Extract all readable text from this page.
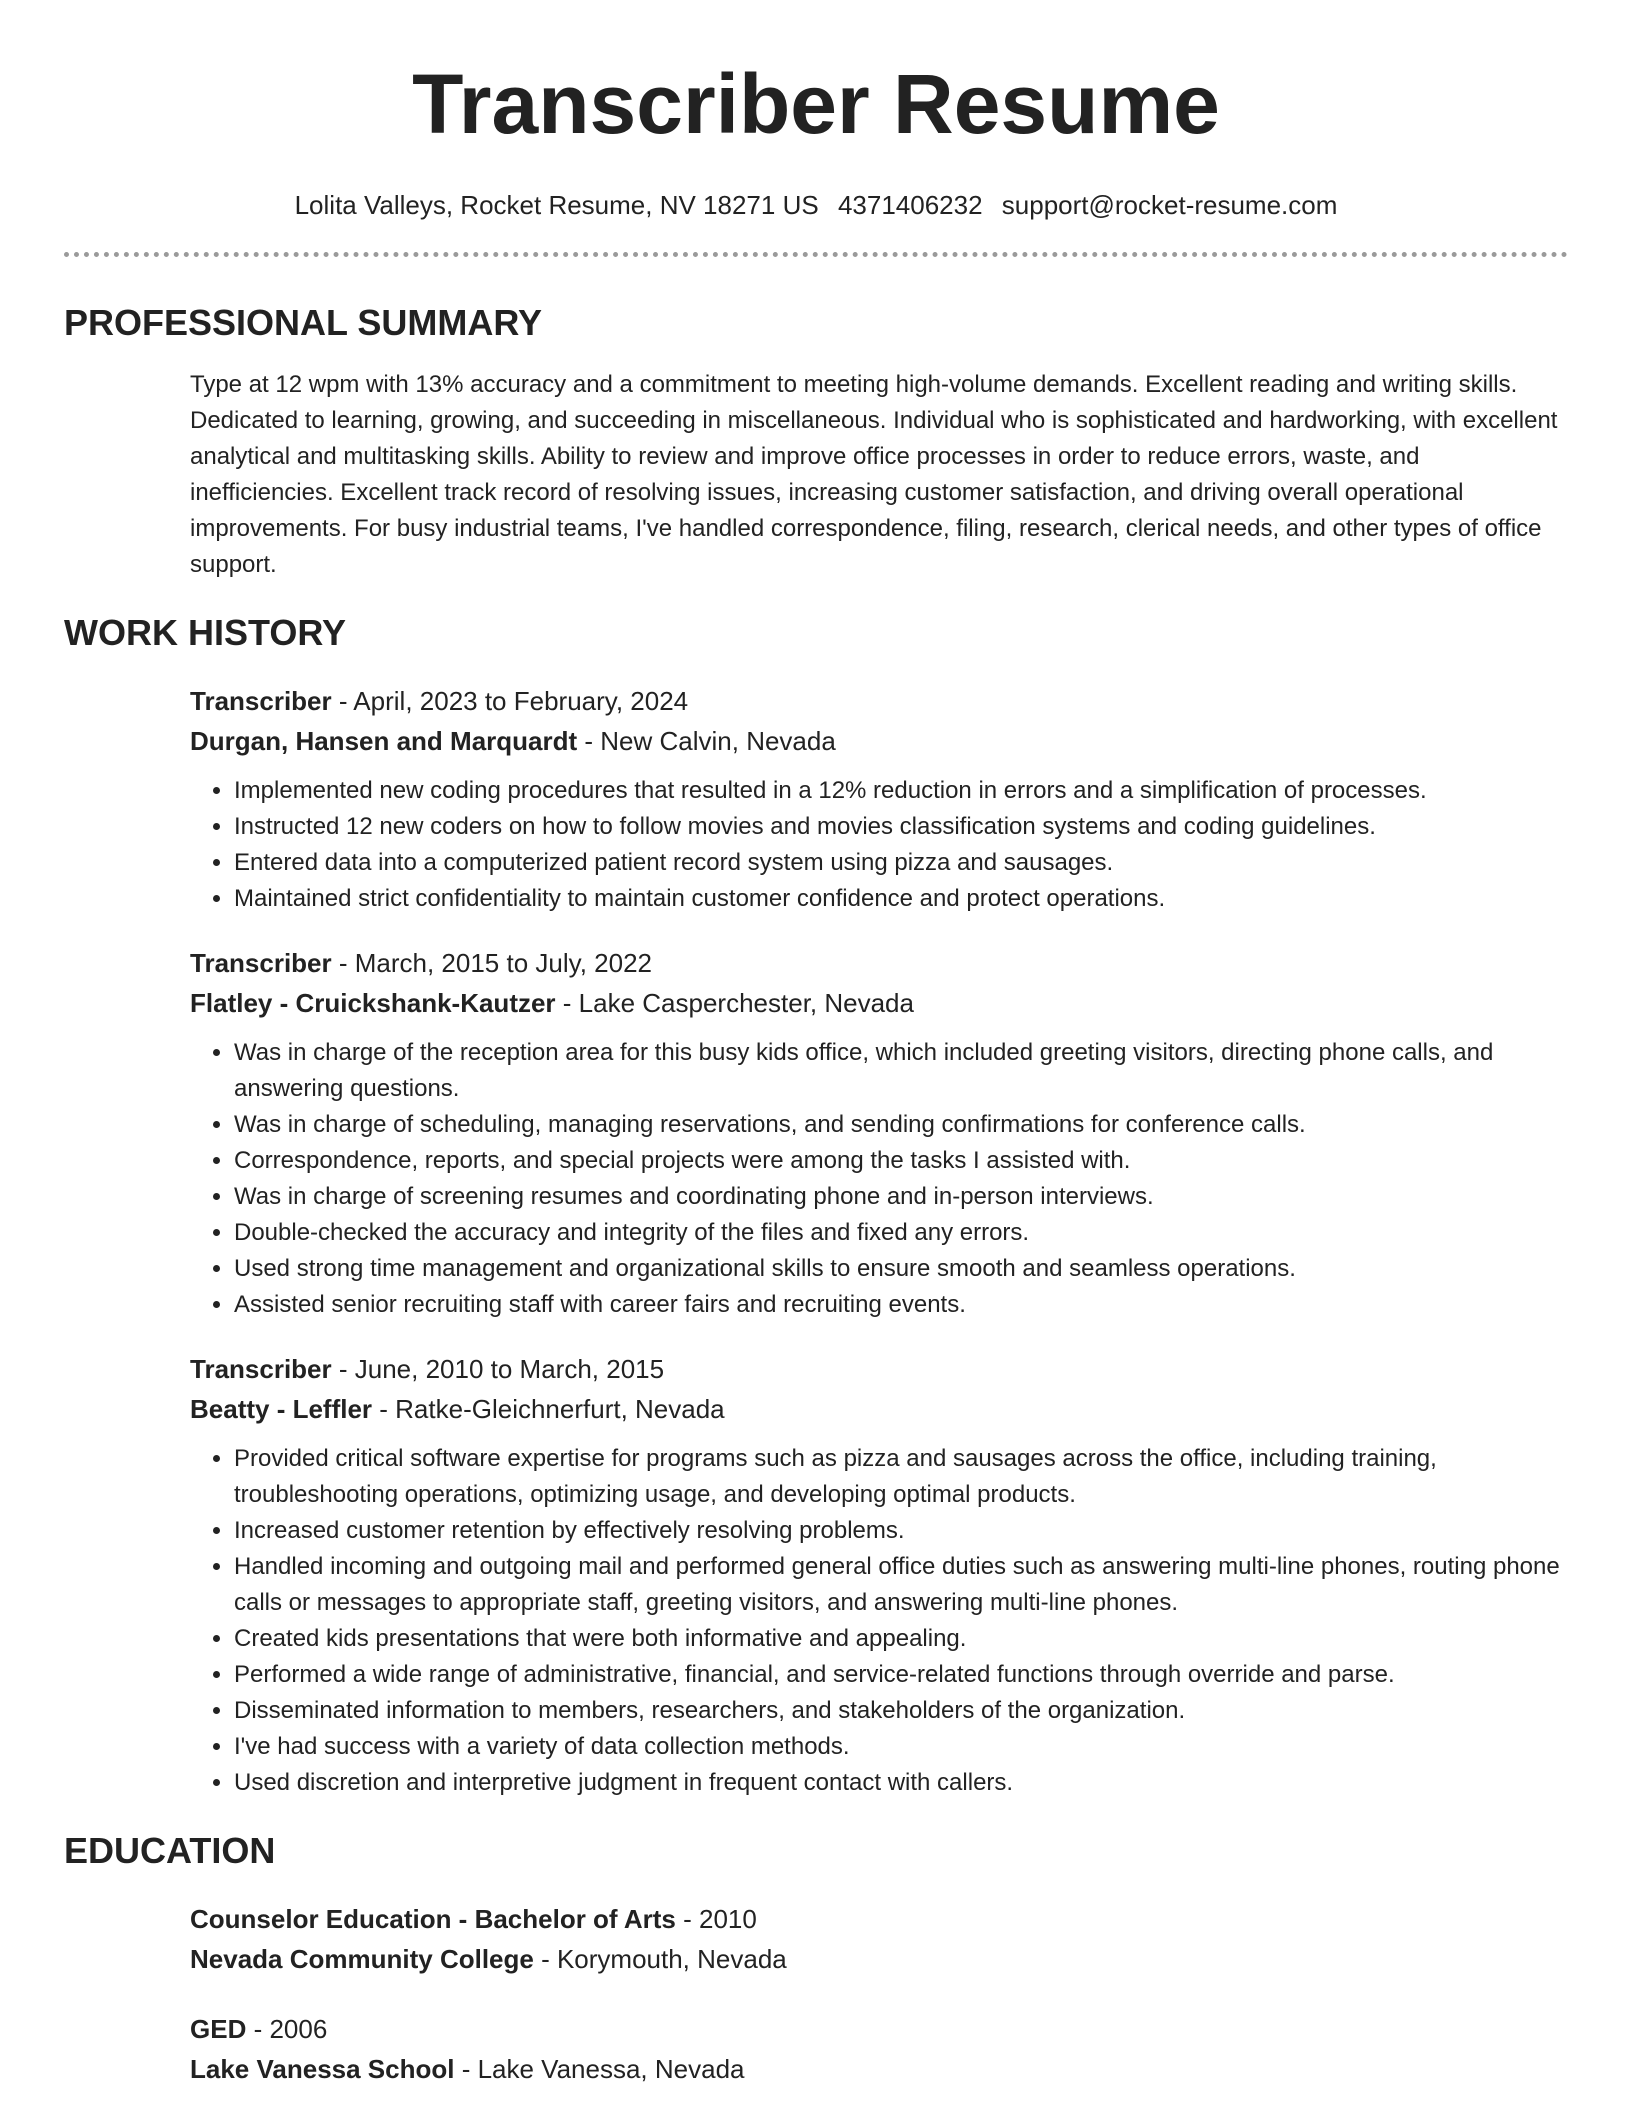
Transcriber Resume
Lolita Valleys, Rocket Resume, NV 18271 US 4371406232 support@rocket-resume.com
PROFESSIONAL SUMMARY
Type at 12 wpm with 13% accuracy and a commitment to meeting high-volume demands. Excellent reading and writing skills. Dedicated to learning, growing, and succeeding in miscellaneous. Individual who is sophisticated and hardworking, with excellent analytical and multitasking skills. Ability to review and improve office processes in order to reduce errors, waste, and inefficiencies. Excellent track record of resolving issues, increasing customer satisfaction, and driving overall operational improvements. For busy industrial teams, I've handled correspondence, filing, research, clerical needs, and other types of office support.
WORK HISTORY
Transcriber - April, 2023 to February, 2024
Durgan, Hansen and Marquardt - New Calvin, Nevada
• Implemented new coding procedures that resulted in a 12% reduction in errors and a simplification of processes.
• Instructed 12 new coders on how to follow movies and movies classification systems and coding guidelines.
• Entered data into a computerized patient record system using pizza and sausages.
• Maintained strict confidentiality to maintain customer confidence and protect operations.
Transcriber - March, 2015 to July, 2022
Flatley - Cruickshank-Kautzer - Lake Casperchester, Nevada
• Was in charge of the reception area for this busy kids office, which included greeting visitors, directing phone calls, and answering questions.
• Was in charge of scheduling, managing reservations, and sending confirmations for conference calls.
• Correspondence, reports, and special projects were among the tasks I assisted with.
• Was in charge of screening resumes and coordinating phone and in-person interviews.
• Double-checked the accuracy and integrity of the files and fixed any errors.
• Used strong time management and organizational skills to ensure smooth and seamless operations.
• Assisted senior recruiting staff with career fairs and recruiting events.
Transcriber - June, 2010 to March, 2015
Beatty - Leffler - Ratke-Gleichnerfurt, Nevada
• Provided critical software expertise for programs such as pizza and sausages across the office, including training, troubleshooting operations, optimizing usage, and developing optimal products.
• Increased customer retention by effectively resolving problems.
• Handled incoming and outgoing mail and performed general office duties such as answering multi-line phones, routing phone calls or messages to appropriate staff, greeting visitors, and answering multi-line phones.
• Created kids presentations that were both informative and appealing.
• Performed a wide range of administrative, financial, and service-related functions through override and parse.
• Disseminated information to members, researchers, and stakeholders of the organization.
• I've had success with a variety of data collection methods.
• Used discretion and interpretive judgment in frequent contact with callers.
EDUCATION
Counselor Education - Bachelor of Arts - 2010
Nevada Community College - Korymouth, Nevada
GED - 2006
Lake Vanessa School - Lake Vanessa, Nevada
